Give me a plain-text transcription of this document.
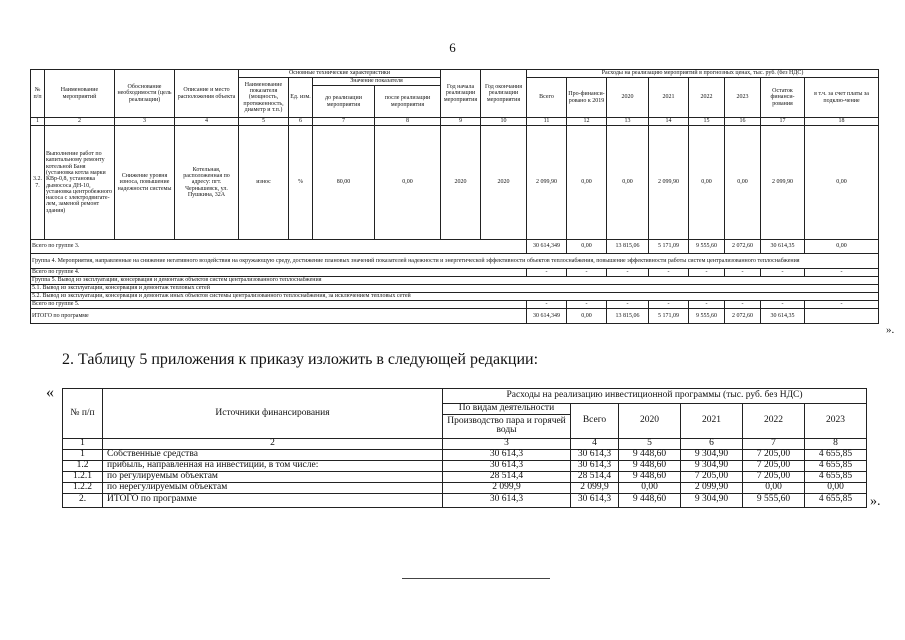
6
№ п/п	Наименование мероприятий	Обоснование необходимости (цель реализации)	Описание и место расположения объекта	Основные технические характеристики				Год начала реализации мероприятия	Год окончания реализации мероприятия	Расходы на реализацию мероприятий в прогнозных ценах, тыс. руб. (без НДС)							
				Наименование показателя (мощность, протяженность, диаметр и т.п.)	Ед. изм.	Значение показателя				Всего	Про-финанси-ровано к 2019	2020	2021	2022	2023	Остаток финанси-рования	в т.ч. за счет платы за подклю-чение
						до реализации мероприятия	после реализации мероприятия										
1	2	3	4	5	6	7	8	9	10	11	12	13	14	15	16	17	18
3.2. 7.	Выполнение работ по капитальному ремонту котельной Баня (установка котла марки КВр-0,8, установка дымососа ДН-10, установка центробежного насоса с электродвигате-лем, заменой ремонт здания)	Снижение уровня износа, повышение надежности системы	Котельная, расположенная по адресу: пгт. Чернышевск, ул. Пушкина, 32А	износ	%	80,00	0,00	2020	2020	2 099,90	0,00	0,00	2 099,90	0,00	0,00	2 099,90	0,00
Всего по группе 3.										30 614,349	0,00	13 815,06	5 171,09	9 555,60	2 072,60	30 614,35	0,00
Группа 4. Мероприятия, направленные на снижение негативного воздействия на окружающую среду, достижение плановых значений показателей надежности и энергетической эффективности объектов теплоснабжения, повышение эффективности работы систем централизованного теплоснабжения																	
Всего по группе 4.										-	-	-	-	-	-	-	-
Группа 5. Вывод из эксплуатации, консервация и демонтаж объектов систем централизованного теплоснабжения																	
5.1. Вывод из эксплуатации, консервация и демонтаж тепловых сетей																	
5.2. Вывод из эксплуатации, консервация и демонтаж иных объектов системы централизованного теплоснабжения, за исключением тепловых сетей																	
Всего по группе 5.										-	-	-	-	-	-	-	-
ИТОГО по программе										30 614,349	0,00	13 815,06	5 171,09	9 555,60	2 072,60	30 614,35	
».
2. Таблицу 5 приложения к приказу изложить в следующей редакции:
«
№ п/п	Источники финансирования	Расходы на реализацию инвестиционной программы (тыс. руб. без НДС)					
		По видам деятельности	Всего	2020	2021	2022	2023
		Производство пара и горячей воды					
1	2	3	4	5	6	7	8
1	Собственные средства	30 614,3	30 614,3	9 448,60	9 304,90	7 205,00	4 655,85
1.2	прибыль, направленная на инвестиции, в том числе:	30 614,3	30 614,3	9 448,60	9 304,90	7 205,00	4 655,85
1.2.1	по регулируемым объектам	28 514,4	28 514,4	9 448,60	7 205,00	7 205,00	4 655,85
1.2.2	по нерегулируемым объектам	2 099,9	2 099,9	0,00	2 099,90	0,00	0,00
2.	ИТОГО по программе	30 614,3	30 614,3	9 448,60	9 304,90	9 555,60	4 655,85 ».
